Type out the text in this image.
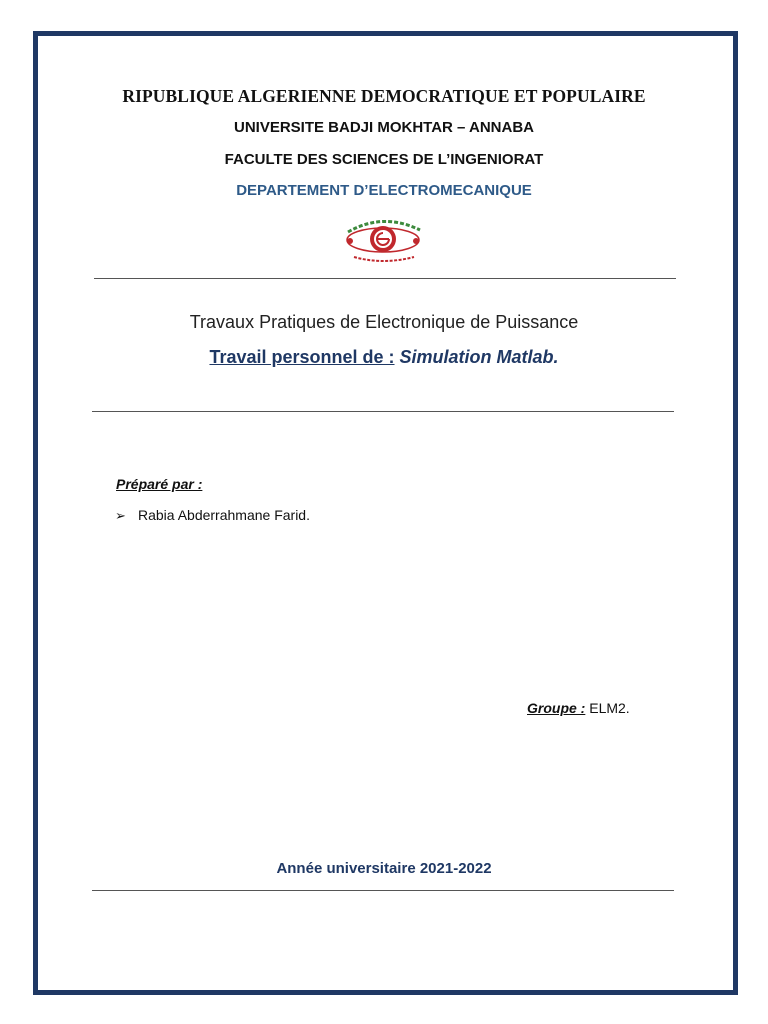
RIPUBLIQUE ALGERIENNE DEMOCRATIQUE ET POPULAIRE
UNIVERSITE BADJI MOKHTAR – ANNABA
FACULTE DES SCIENCES DE L’INGENIORAT
DEPARTEMENT D’ELECTROMECANIQUE
Travaux Pratiques de Electronique de Puissance
Travail personnel de : Simulation Matlab.
Préparé par :
➢ Rabia Abderrahmane Farid.
Groupe : ELM2.
Année universitaire 2021-2022
